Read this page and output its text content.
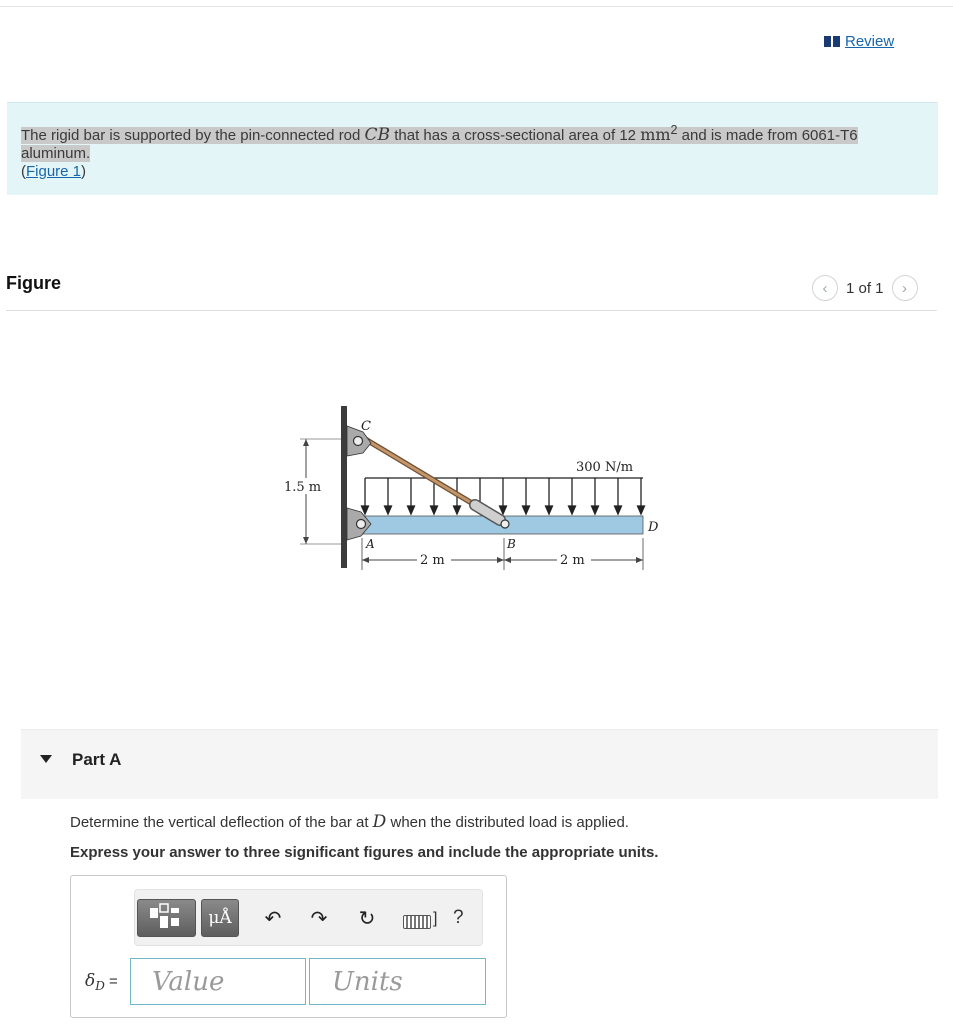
Review
The rigid bar is supported by the pin-connected rod CB that has a cross-sectional area of 12 $mm^2$ and is made from 6061-T6
aluminum.
(Figure 1)
Figure	‹	1 of 1	›
1.5 m
300 N/m
C
A	B
D
2 m	2 m
Part A
Determine the vertical deflection of the bar at D when the distributed load is applied.
Express your answer to three significant figures and include the appropriate units.
μÅ	↶ ↷ ↻	] ?
$\delta_D$ =
Value
Units
